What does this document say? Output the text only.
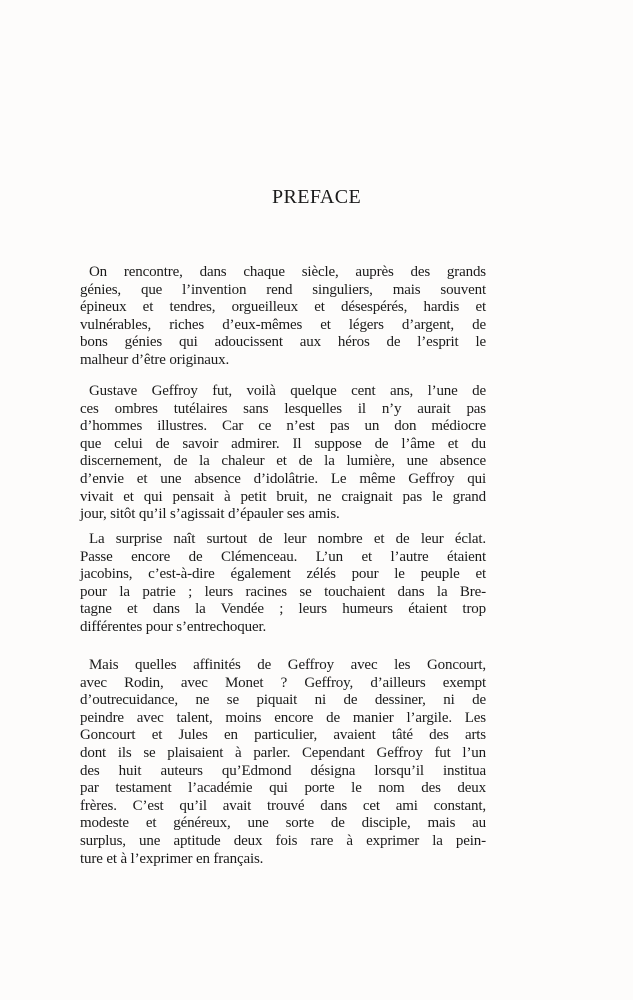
PREFACE
On rencontre, dans chaque siècle, auprès des grands
génies, que l’invention rend singuliers, mais souvent
épineux et tendres, orgueilleux et désespérés, hardis et
vulnérables, riches d’eux-mêmes et légers d’argent, de
bons génies qui adoucissent aux héros de l’esprit le
malheur d’être originaux.
Gustave Geffroy fut, voilà quelque cent ans, l’une de
ces ombres tutélaires sans lesquelles il n’y aurait pas
d’hommes illustres. Car ce n’est pas un don médiocre
que celui de savoir admirer. Il suppose de l’âme et du
discernement, de la chaleur et de la lumière, une absence
d’envie et une absence d’idolâtrie. Le même Geffroy qui
vivait et qui pensait à petit bruit, ne craignait pas le grand
jour, sitôt qu’il s’agissait d’épauler ses amis.
La surprise naît surtout de leur nombre et de leur éclat.
Passe encore de Clémenceau. L’un et l’autre étaient
jacobins, c’est-à-dire également zélés pour le peuple et
pour la patrie ; leurs racines se touchaient dans la Bre-
tagne et dans la Vendée ; leurs humeurs étaient trop
différentes pour s’entrechoquer.
Mais quelles affinités de Geffroy avec les Goncourt,
avec Rodin, avec Monet ? Geffroy, d’ailleurs exempt
d’outrecuidance, ne se piquait ni de dessiner, ni de
peindre avec talent, moins encore de manier l’argile. Les
Goncourt et Jules en particulier, avaient tâté des arts
dont ils se plaisaient à parler. Cependant Geffroy fut l’un
des huit auteurs qu’Edmond désigna lorsqu’il institua
par testament l’académie qui porte le nom des deux
frères. C’est qu’il avait trouvé dans cet ami constant,
modeste et généreux, une sorte de disciple, mais au
surplus, une aptitude deux fois rare à exprimer la pein-
ture et à l’exprimer en français.
